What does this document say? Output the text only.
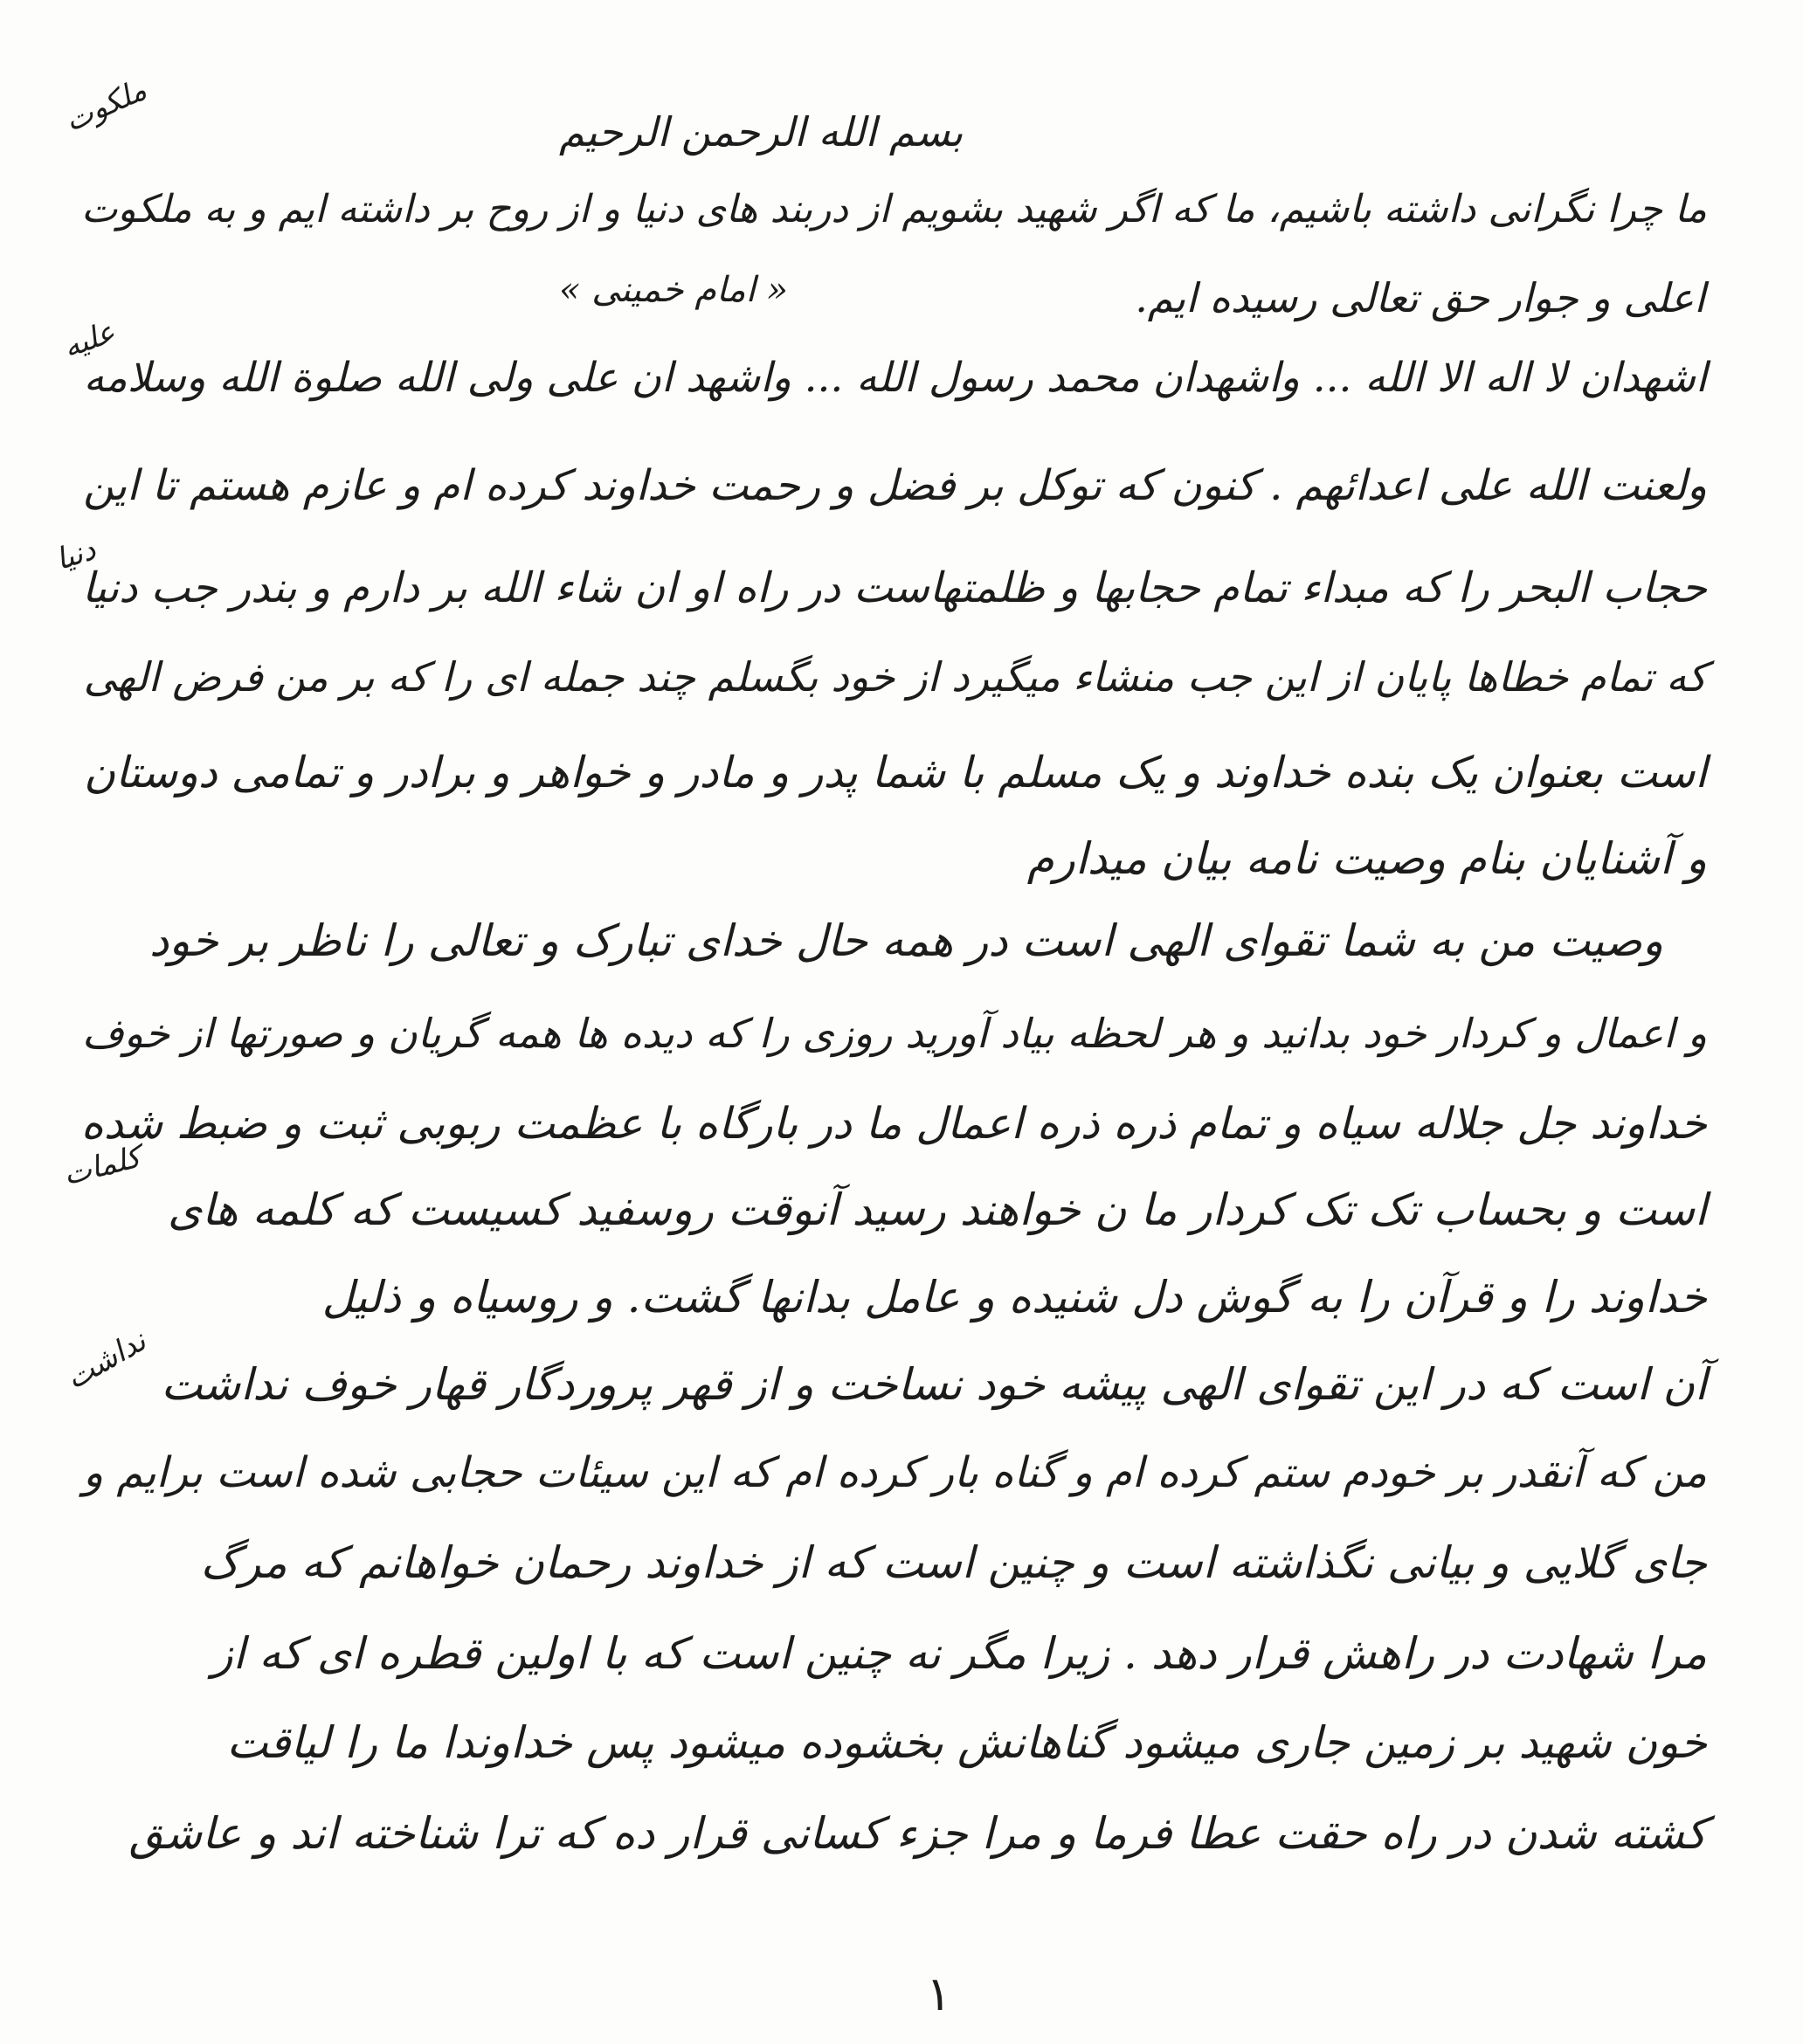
بسم الله الرحمن الرحیم
ملکوت
ما چرا نگرانی داشته باشیم، ما که اگر شهید بشویم از دربند های دنیا و از روح بر داشته ایم و به ملکوت
اعلی و جوار حق تعالی رسیده ایم.
« امام خمینی »
علیه
اشهدان لا اله الا الله ... واشهدان محمد رسول الله ... واشهد ان علی ولی الله صلوة الله وسلامه
ولعنت الله علی اعدائهم . کنون که توکل بر فضل و رحمت خداوند کرده ام و عازم هستم تا این
دنیا
حجاب البحر را که مبداء تمام حجابها و ظلمتهاست در راه او ان شاء الله بر دارم و بندر جب دنیا
که تمام خطاها پایان از این جب منشاء میگیرد از خود بگسلم چند جمله ای را که بر من فرض الهی
است بعنوان یک بنده خداوند و یک مسلم با شما پدر و مادر و خواهر و برادر و تمامی دوستان
و آشنایان بنام وصیت نامه بیان میدارم
وصیت من به شما تقوای الهی است در همه حال خدای تبارک و تعالی را ناظر بر خود
و اعمال و کردار خود بدانید و هر لحظه بیاد آورید روزی را که دیده ها همه گریان و صورتها از خوف
خداوند جل جلاله سیاه و تمام ذره ذره اعمال ما در بارگاه با عظمت ربوبی ثبت و ضبط شده
کلمات
است و بحساب تک تک کردار ما ن خواهند رسید آنوقت روسفید کسیست که کلمه های
خداوند را و قرآن را به گوش دل شنیده و عامل بدانها گشت. و روسیاه و ذلیل
نداشت آن است که در این تقوای الهی پیشه خود نساخت و از قهر پروردگار قهار خوف نداشت
من که آنقدر بر خودم ستم کرده ام و گناه بار کرده ام که این سیئات حجابی شده است برایم و
جای گلایی و بیانی نگذاشته است و چنین است که از خداوند رحمان خواهانم که مرگ
مرا شهادت در راهش قرار دهد . زیرا مگر نه چنین است که با اولین قطره ای که از
خون شهید بر زمین جاری میشود گناهانش بخشوده میشود پس خداوندا ما را لیاقت
کشته شدن در راه حقت عطا فرما و مرا جزء کسانی قرار ده که ترا شناخته اند و عاشق
١
